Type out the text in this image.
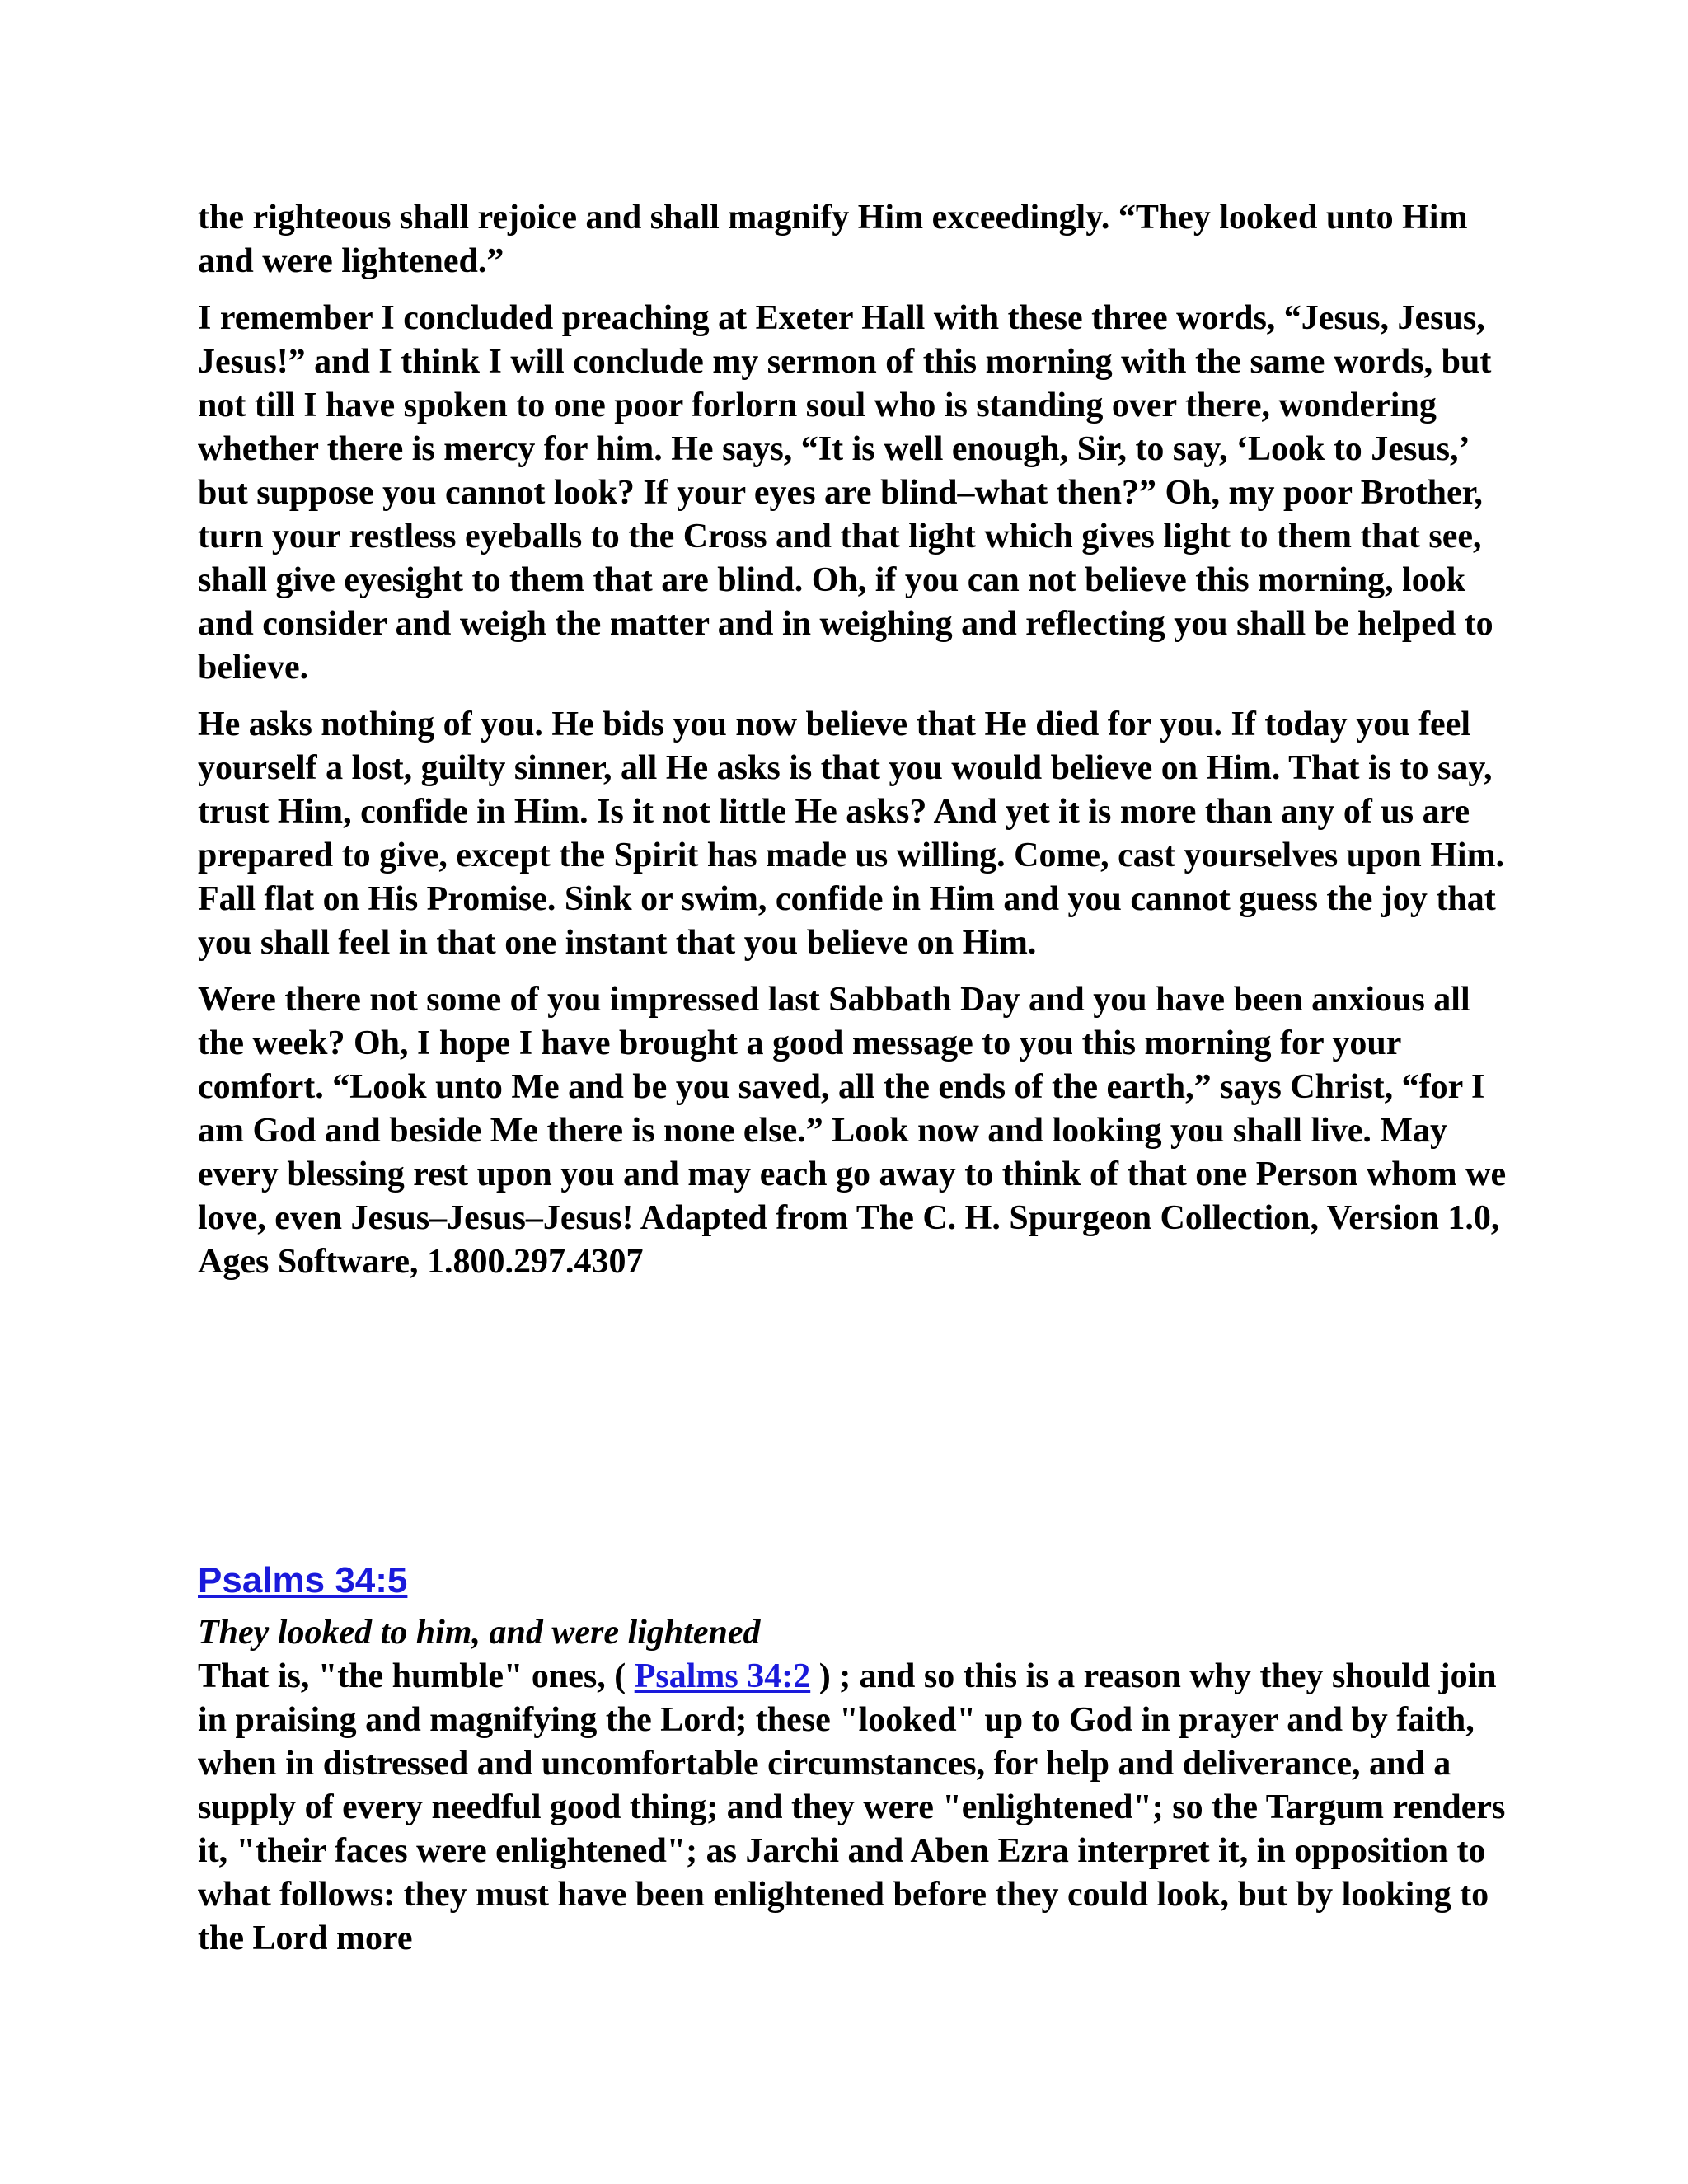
the righteous shall rejoice and shall magnify Him exceedingly. “They looked unto Him and were lightened.”

I remember I concluded preaching at Exeter Hall with these three words, “Jesus, Jesus, Jesus!” and I think I will conclude my sermon of this morning with the same words, but not till I have spoken to one poor forlorn soul who is standing over there, wondering whether there is mercy for him. He says, “It is well enough, Sir, to say, ‘Look to Jesus,’ but suppose you cannot look? If your eyes are blind–what then?” Oh, my poor Brother, turn your restless eyeballs to the Cross and that light which gives light to them that see, shall give eyesight to them that are blind. Oh, if you can not believe this morning, look and consider and weigh the matter and in weighing and reflecting you shall be helped to believe.

He asks nothing of you. He bids you now believe that He died for you. If today you feel yourself a lost, guilty sinner, all He asks is that you would believe on Him. That is to say, trust Him, confide in Him. Is it not little He asks? And yet it is more than any of us are prepared to give, except the Spirit has made us willing. Come, cast yourselves upon Him. Fall flat on His Promise. Sink or swim, confide in Him and you cannot guess the joy that you shall feel in that one instant that you believe on Him.

Were there not some of you impressed last Sabbath Day and you have been anxious all the week? Oh, I hope I have brought a good message to you this morning for your comfort. “Look unto Me and be you saved, all the ends of the earth,” says Christ, “for I am God and beside Me there is none else.” Look now and looking you shall live. May every blessing rest upon you and may each go away to think of that one Person whom we love, even Jesus–Jesus–Jesus! Adapted from The C. H. Spurgeon Collection, Version 1.0, Ages Software, 1.800.297.4307

Psalms 34:5
They looked to him, and were lightened
That is, "the humble" ones, ( Psalms 34:2 ) ; and so this is a reason why they should join in praising and magnifying the Lord; these "looked" up to God in prayer and by faith, when in distressed and uncomfortable circumstances, for help and deliverance, and a supply of every needful good thing; and they were "enlightened"; so the Targum renders it, "their faces were enlightened"; as Jarchi and Aben Ezra interpret it, in opposition to what follows: they must have been enlightened before they could look, but by looking to the Lord more
